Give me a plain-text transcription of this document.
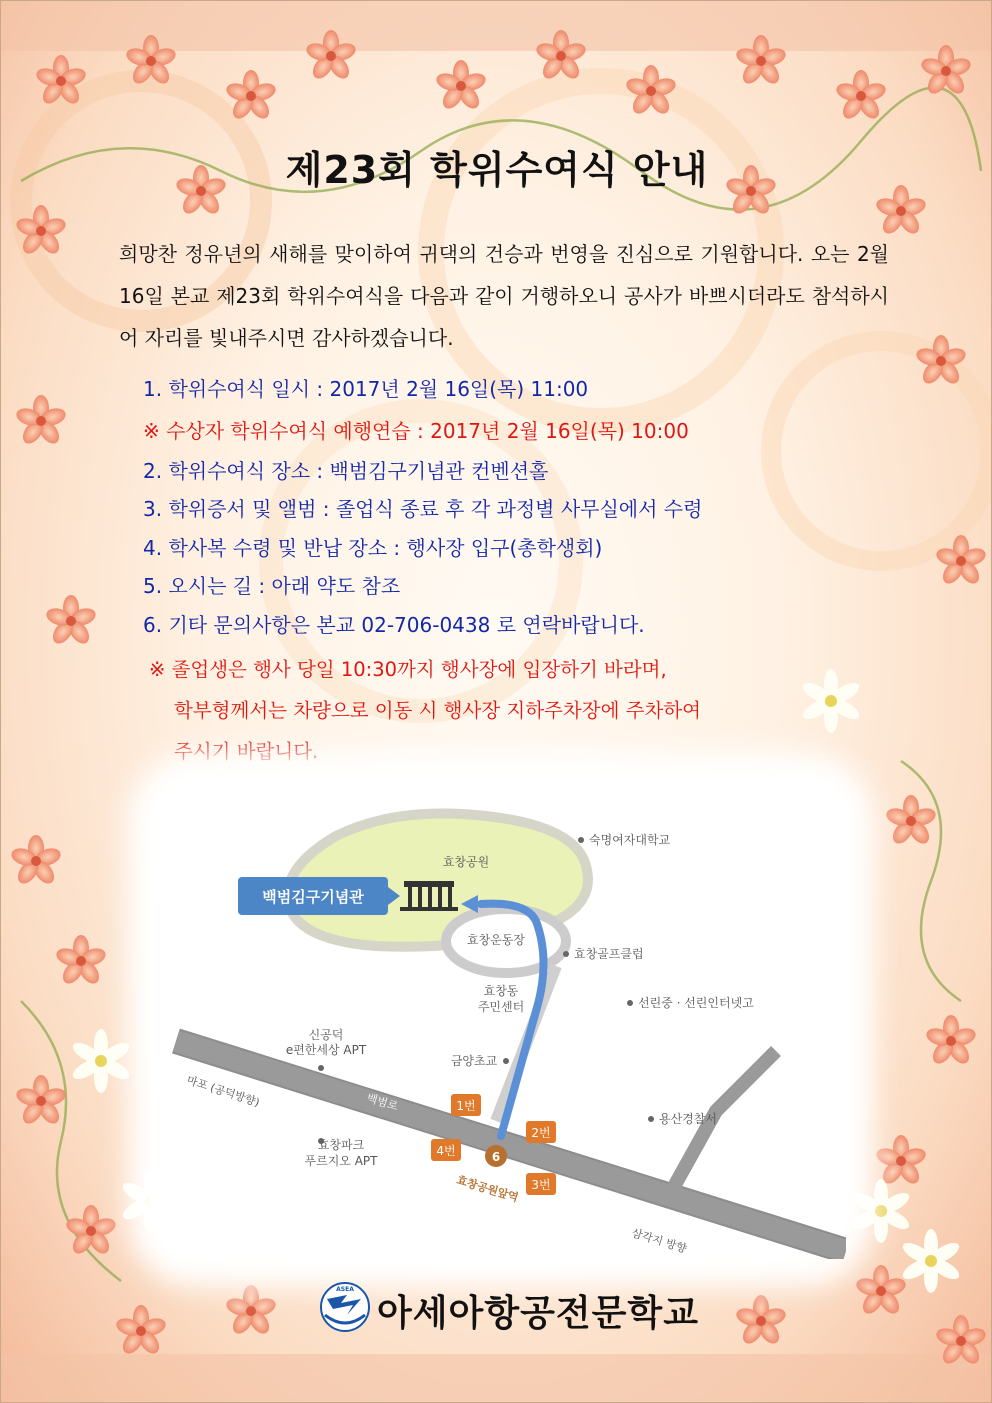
제23회 학위수여식 안내
희망찬 정유년의 새해를 맞이하여 귀댁의 건승과 번영을 진심으로 기원합니다. 오는 2월 16일 본교 제23회 학위수여식을 다음과 같이 거행하오니 공사가 바쁘시더라도 참석하시어 자리를 빛내주시면 감사하겠습니다.
1. 학위수여식 일시 : 2017년 2월 16일(목) 11:00
※ 수상자 학위수여식 예행연습 : 2017년 2월 16일(목) 10:00
2. 학위수여식 장소 : 백범김구기념관 컨벤션홀
3. 학위증서 및 앨범 : 졸업식 종료 후 각 과정별 사무실에서 수령
4. 학사복 수령 및 반납 장소 : 행사장 입구(총학생회)
5. 오시는 길 : 아래 약도 참조
6. 기타 문의사항은 본교 02-706-0438 로 연락바랍니다.
※ 졸업생은 행사 당일 10:30까지 행사장에 입장하기 바라며,
학부형께서는 차량으로 이동 시 행사장 지하주차장에 주차하여
주시기 바랍니다.
백범김구기념관
6
1번
2번
3번
4번
효창공원
효창운동장
숙명여자대학교
효창골프클럽
효창동
주민센터	선린중 · 선린인터넷고
신공덕
e편한세상 APT
금양초교
마포 (공덕방향)	백범로
용산경찰서
효창파크
푸르지오 APT
효창공원앞역	백범로
삼각지 방향
ASEA
아세아항공전문학교
